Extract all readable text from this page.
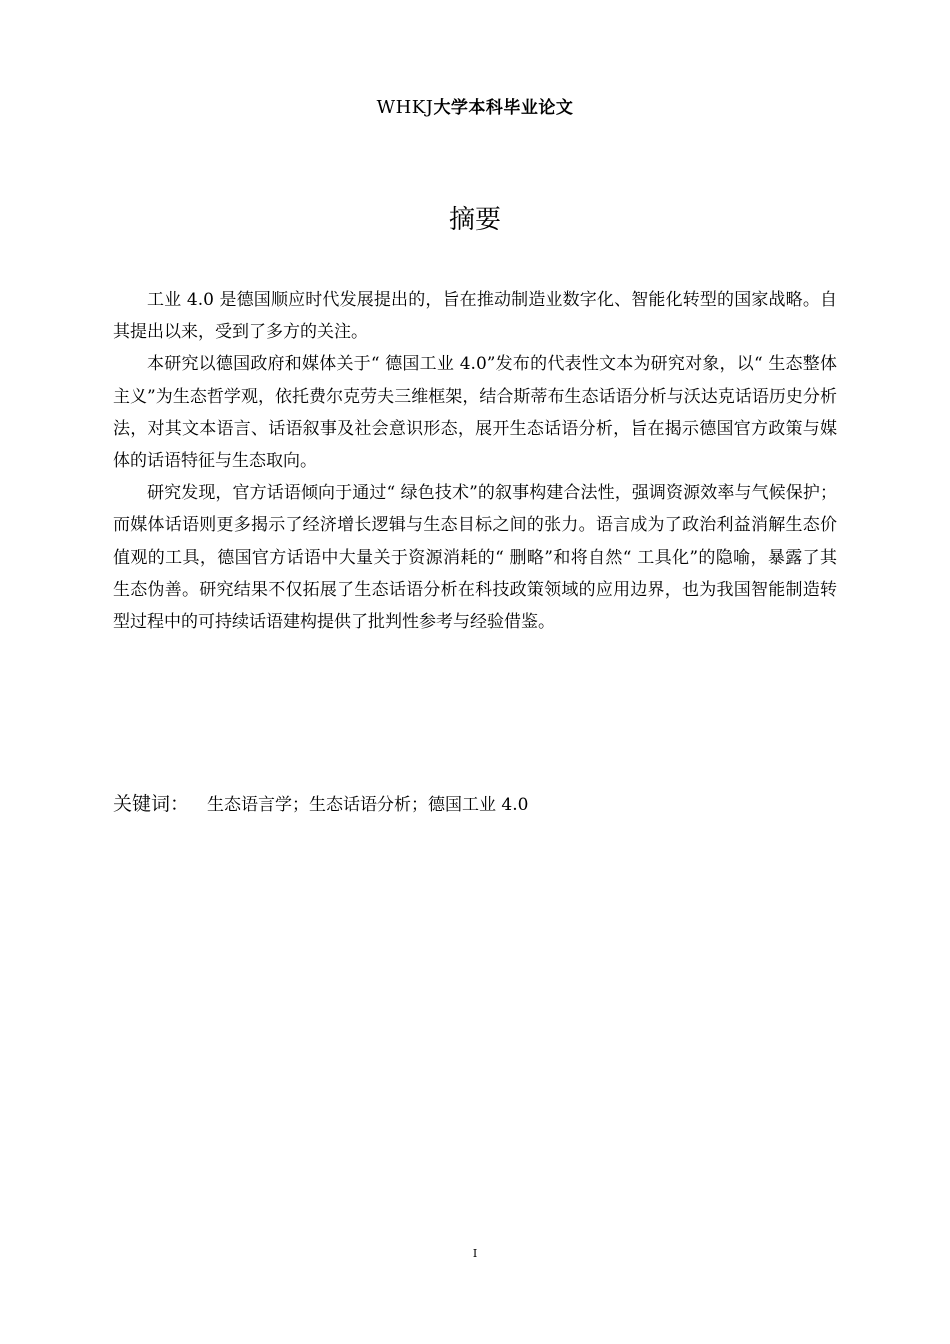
WHKJ大学本科毕业论文
摘要

工业 4.0 是德国顺应时代发展提出的，旨在推动制造业数字化、智能化转型的国家战略。自其提出以来，受到了多方的关注。

本研究以德国政府和媒体关于“ 德国工业 4.0”发布的代表性文本为研究对象，以“ 生态整体主义”为生态哲学观，依托费尔克劳夫三维框架，结合斯蒂布生态话语分析与沃达克话语历史分析法，对其文本语言、话语叙事及社会意识形态，展开生态话语分析，旨在揭示德国官方政策与媒体的话语特征与生态取向。

研究发现，官方话语倾向于通过“ 绿色技术”的叙事构建合法性，强调资源效率与气候保护；而媒体话语则更多揭示了经济增长逻辑与生态目标之间的张力。语言成为了政治利益消解生态价值观的工具，德国官方话语中大量关于资源消耗的“ 删略”和将自然“ 工具化”的隐喻，暴露了其生态伪善。研究结果不仅拓展了生态话语分析在科技政策领域的应用边界，也为我国智能制造转型过程中的可持续话语建构提供了批判性参考与经验借鉴。

关键词： 生态语言学；生态话语分析；德国工业 4.0
I
